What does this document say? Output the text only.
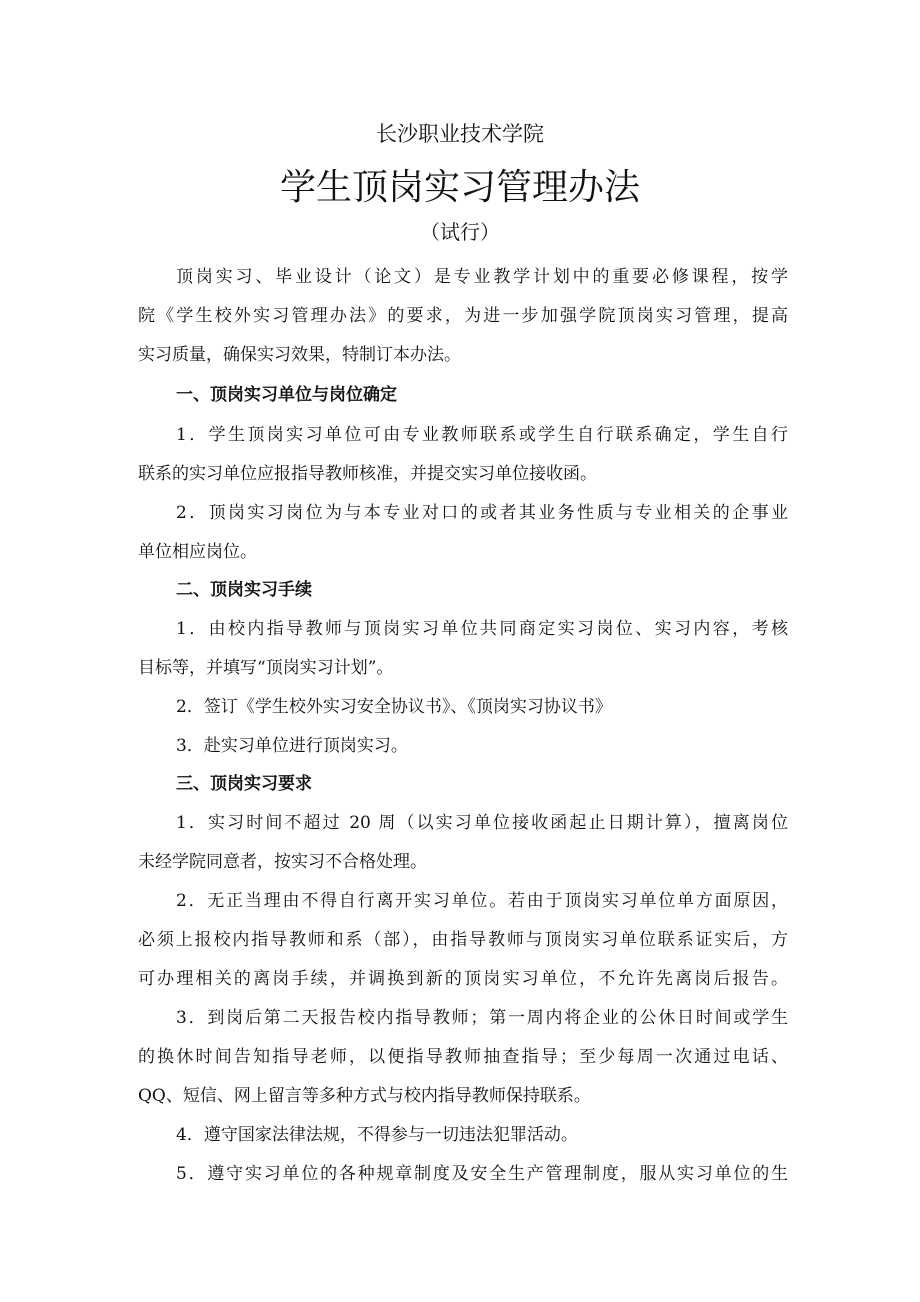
长沙职业技术学院
学生顶岗实习管理办法
（试行）
顶岗实习、毕业设计（论文）是专业教学计划中的重要必修课程，按学
院《学生校外实习管理办法》的要求，为进一步加强学院顶岗实习管理，提高
实习质量，确保实习效果，特制订本办法。
一、顶岗实习单位与岗位确定
1．学生顶岗实习单位可由专业教师联系或学生自行联系确定，学生自行
联系的实习单位应报指导教师核准，并提交实习单位接收函。
2．顶岗实习岗位为与本专业对口的或者其业务性质与专业相关的企事业
单位相应岗位。
二、顶岗实习手续
1．由校内指导教师与顶岗实习单位共同商定实习岗位、实习内容，考核
目标等，并填写“顶岗实习计划”。
2．签订《学生校外实习安全协议书》、《顶岗实习协议书》
3．赴实习单位进行顶岗实习。
三、顶岗实习要求
1．实习时间不超过 20 周（以实习单位接收函起止日期计算），擅离岗位
未经学院同意者，按实习不合格处理。
2．无正当理由不得自行离开实习单位。若由于顶岗实习单位单方面原因，
必须上报校内指导教师和系（部），由指导教师与顶岗实习单位联系证实后，方
可办理相关的离岗手续，并调换到新的顶岗实习单位，不允许先离岗后报告。
3．到岗后第二天报告校内指导教师；第一周内将企业的公休日时间或学生
的换休时间告知指导老师，以便指导教师抽查指导；至少每周一次通过电话、
QQ、短信、网上留言等多种方式与校内指导教师保持联系。
4．遵守国家法律法规，不得参与一切违法犯罪活动。
5．遵守实习单位的各种规章制度及安全生产管理制度，服从实习单位的生
